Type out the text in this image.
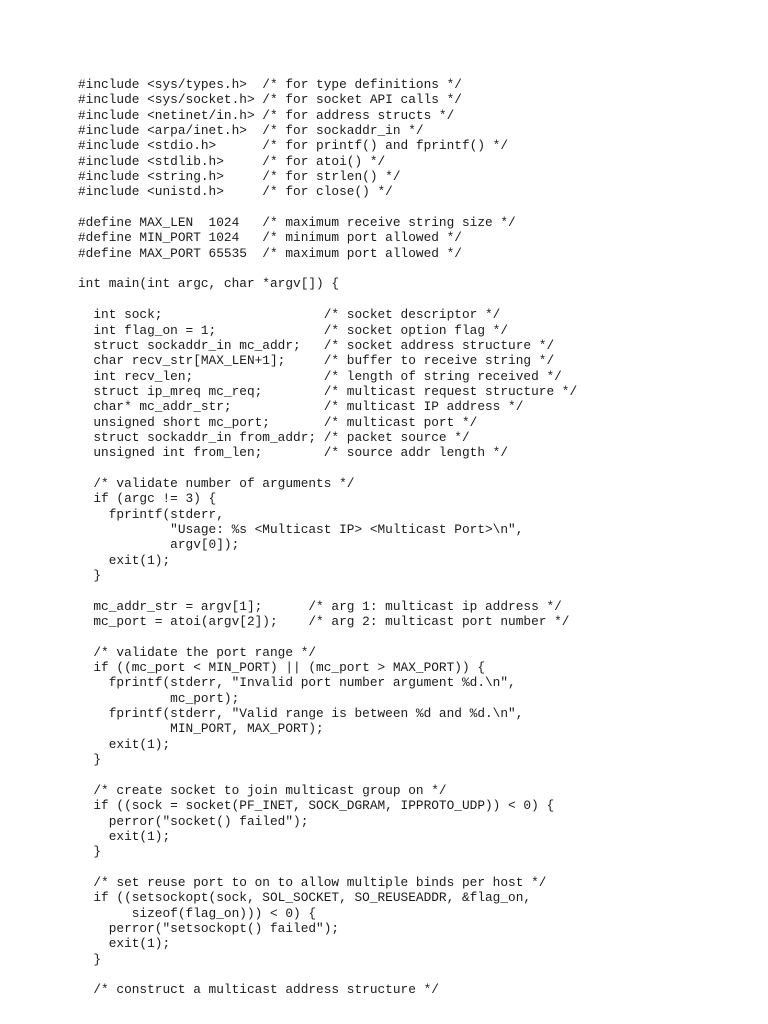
#include <sys/types.h>  /* for type definitions */
#include <sys/socket.h> /* for socket API calls */
#include <netinet/in.h> /* for address structs */
#include <arpa/inet.h>  /* for sockaddr_in */
#include <stdio.h>      /* for printf() and fprintf() */
#include <stdlib.h>     /* for atoi() */
#include <string.h>     /* for strlen() */
#include <unistd.h>     /* for close() */
#define MAX_LEN  1024   /* maximum receive string size */
#define MIN_PORT 1024   /* minimum port allowed */
#define MAX_PORT 65535  /* maximum port allowed */
int main(int argc, char *argv[]) {
int sock;                     /* socket descriptor */
int flag_on = 1;              /* socket option flag */
struct sockaddr_in mc_addr;   /* socket address structure */
char recv_str[MAX_LEN+1];     /* buffer to receive string */
int recv_len;                 /* length of string received */
struct ip_mreq mc_req;        /* multicast request structure */
char* mc_addr_str;            /* multicast IP address */
unsigned short mc_port;       /* multicast port */
struct sockaddr_in from_addr; /* packet source */
unsigned int from_len;        /* source addr length */
/* validate number of arguments */
if (argc != 3) {
fprintf(stderr,
"Usage: %s <Multicast IP> <Multicast Port>\n",
argv[0]);
exit(1);
}
mc_addr_str = argv[1];      /* arg 1: multicast ip address */
mc_port = atoi(argv[2]);    /* arg 2: multicast port number */
/* validate the port range */
if ((mc_port < MIN_PORT) || (mc_port > MAX_PORT)) {
fprintf(stderr, "Invalid port number argument %d.\n",
mc_port);
fprintf(stderr, "Valid range is between %d and %d.\n",
MIN_PORT, MAX_PORT);
exit(1);
}
/* create socket to join multicast group on */
if ((sock = socket(PF_INET, SOCK_DGRAM, IPPROTO_UDP)) < 0) {
perror("socket() failed");
exit(1);
}
/* set reuse port to on to allow multiple binds per host */
if ((setsockopt(sock, SOL_SOCKET, SO_REUSEADDR, &flag_on,
sizeof(flag_on))) < 0) {
perror("setsockopt() failed");
exit(1);
}
/* construct a multicast address structure */
